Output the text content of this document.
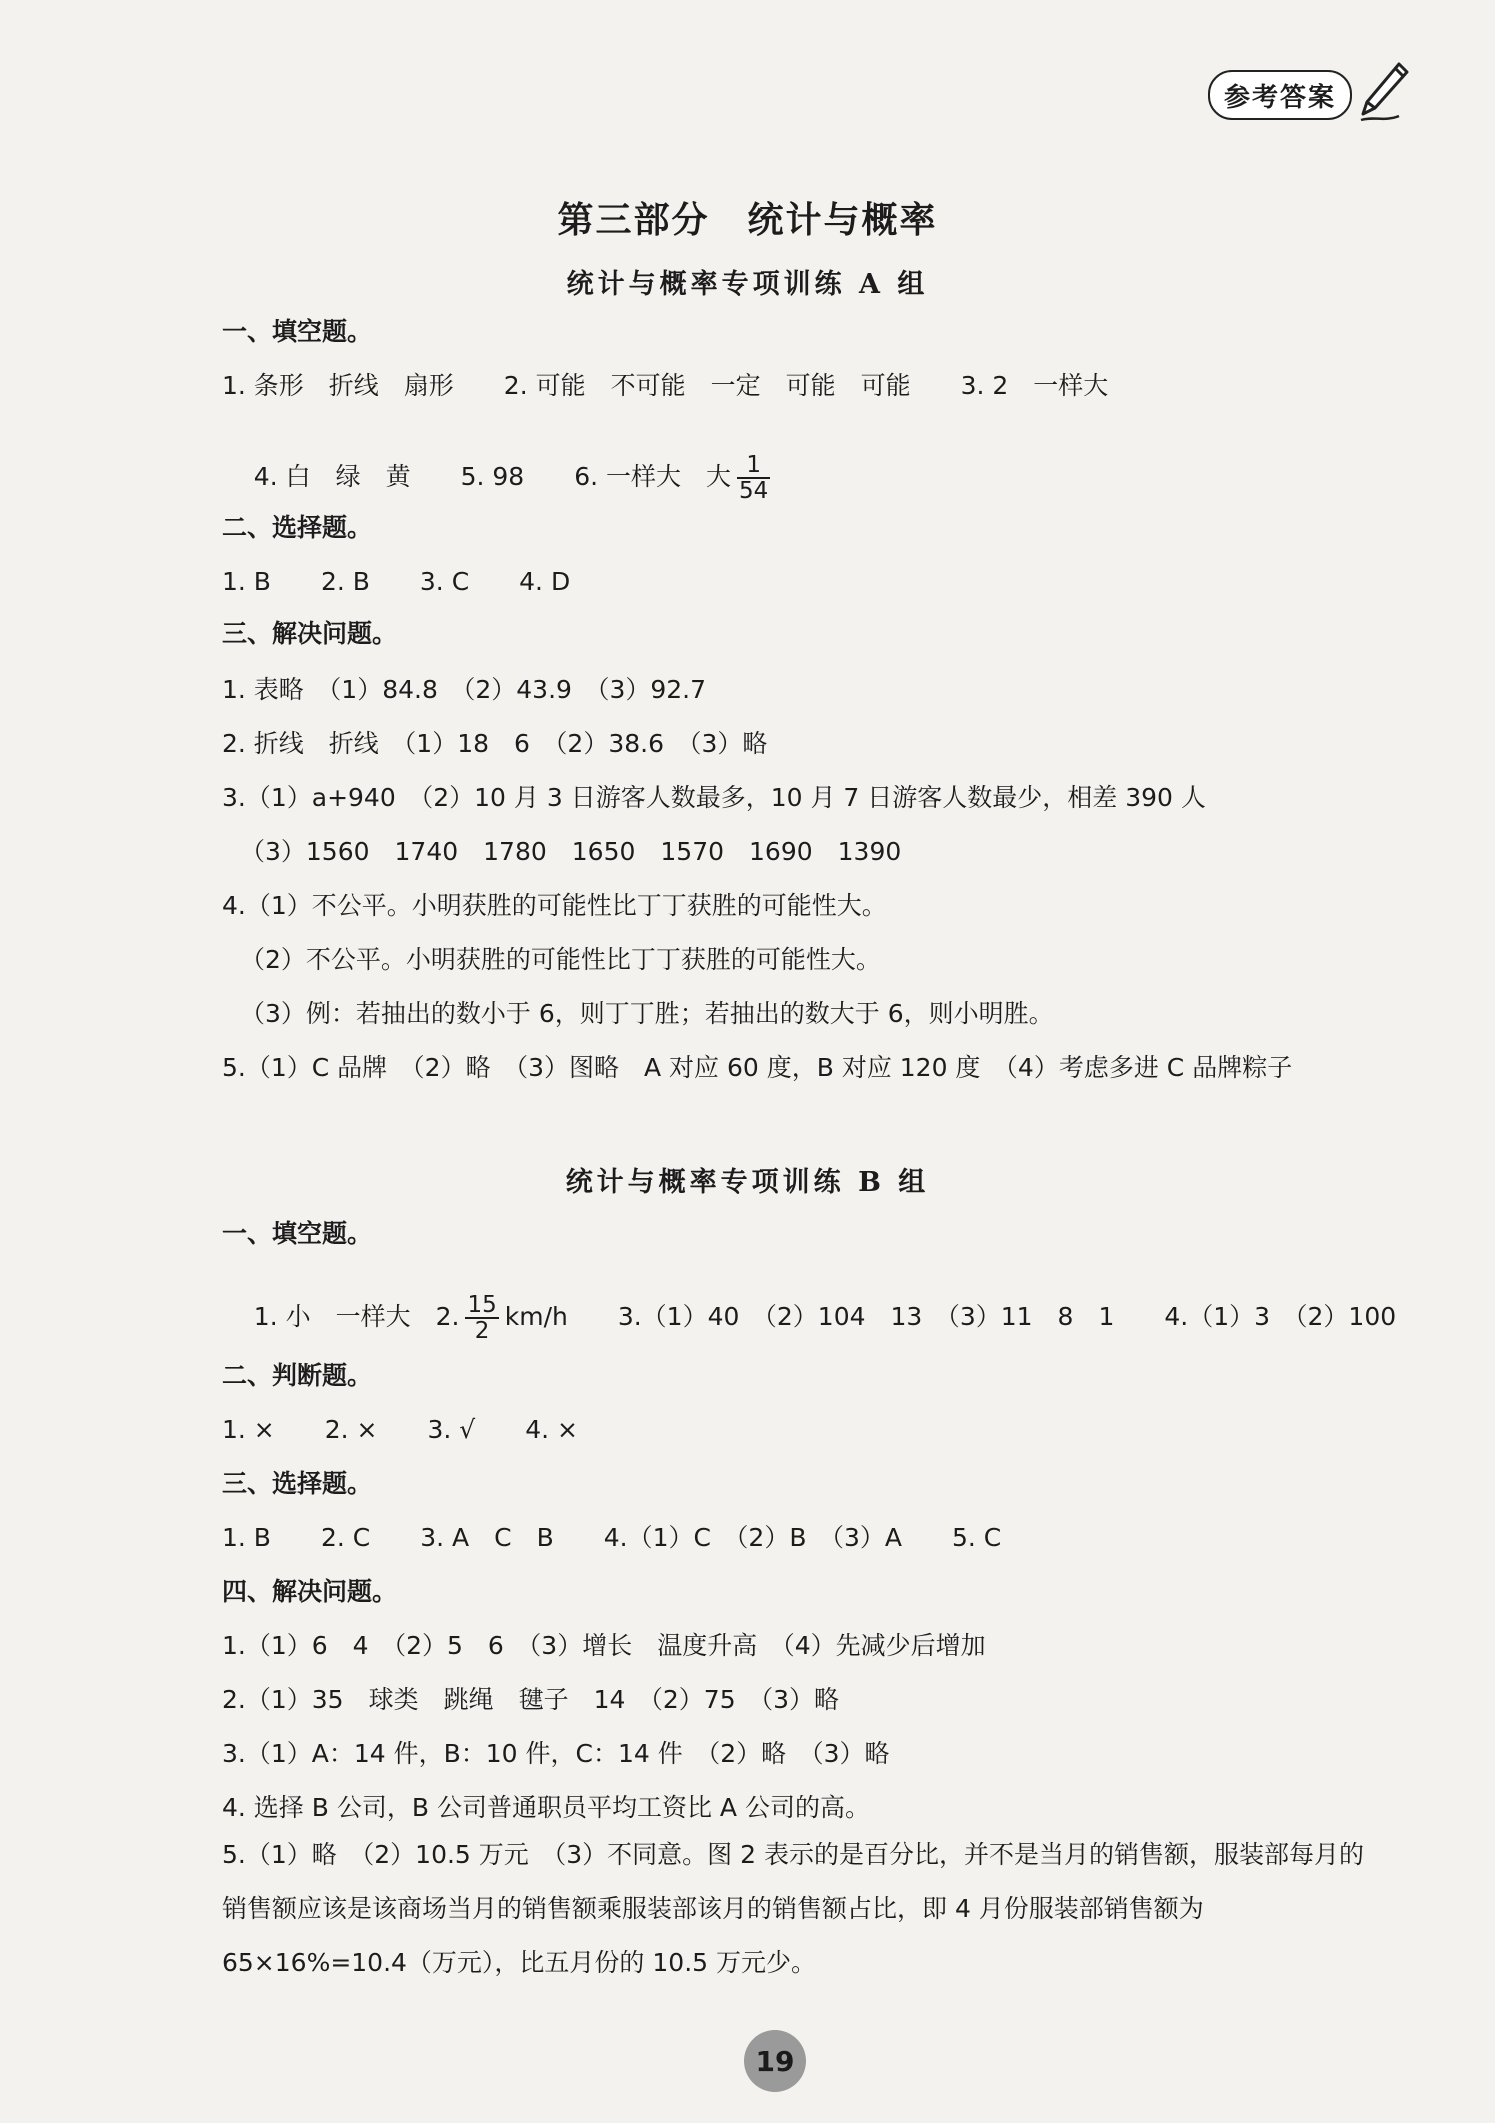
参考答案
第三部分　统计与概率
统计与概率专项训练 A 组
一、填空题。
1. 条形　折线　扇形　　2. 可能　不可能　一定　可能　可能　　3. 2　一样大

4. 白　绿　黄　　5. 98　　6. 一样大　大 $\frac{1}{54}$

二、选择题。
1. B　　2. B　　3. C　　4. D
三、解决问题。
1. 表略　（1）84.8　（2）43.9　（3）92.7
2. 折线　折线　（1）18　6　（2）38.6　（3）略
3.（1）a+940　（2）10 月 3 日游客人数最多，10 月 7 日游客人数最少，相差 390 人
（3）1560　1740　1780　1650　1570　1690　1390
4.（1）不公平。小明获胜的可能性比丁丁获胜的可能性大。
（2）不公平。小明获胜的可能性比丁丁获胜的可能性大。
（3）例：若抽出的数小于 6，则丁丁胜；若抽出的数大于 6，则小明胜。
5.（1）C 品牌　（2）略　（3）图略　A 对应 60 度，B 对应 120 度　（4）考虑多进 C 品牌粽子
统计与概率专项训练 B 组
一、填空题。

1. 小　一样大　2. $\frac{15}{2} km/h$　　3.（1）40　（2）104　13　（3）11　8　1　　4.（1）3　（2）100

二、判断题。
1. ×　　2. ×　　3. √　　4. ×
三、选择题。
1. B　　2. C　　3. A　C　B　　4.（1）C　（2）B　（3）A　　5. C
四、解决问题。
1.（1）6　4　（2）5　6　（3）增长　温度升高　（4）先减少后增加
2.（1）35　球类　跳绳　毽子　14　（2）75　（3）略
3.（1）A：14 件，B：10 件，C：14 件　（2）略　（3）略
4. 选择 B 公司，B 公司普通职员平均工资比 A 公司的高。
5.（1）略　（2）10.5 万元　（3）不同意。图 2 表示的是百分比，并不是当月的销售额，服装部每月的销售额应该是该商场当月的销售额乘服装部该月的销售额占比，即 4 月份服装部销售额为 65×16%=10.4（万元），比五月份的 10.5 万元少。
19
